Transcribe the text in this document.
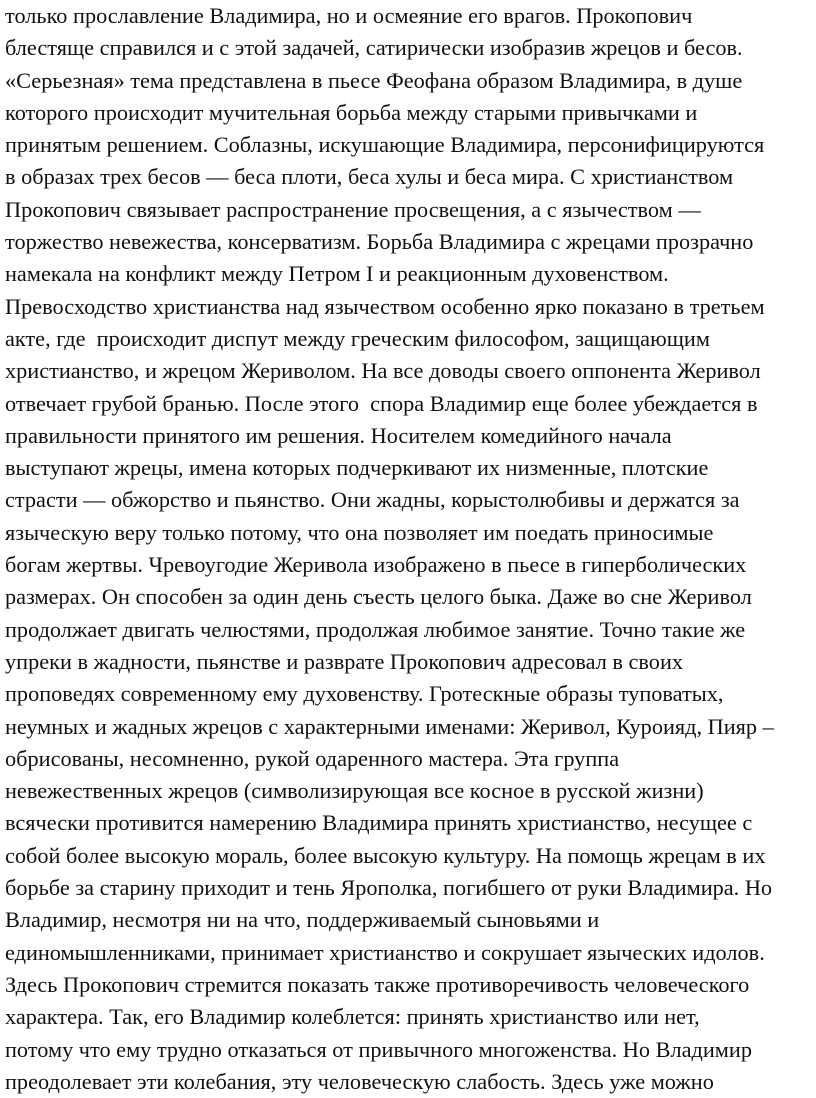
только прославление Владимира, но и осмеяние его врагов. Прокопович
блестяще справился и с этой задачей, сатирически изобразив жрецов и бесов.
«Серьезная» тема представлена в пьесе Феофана образом Владимира, в душе
которого происходит мучительная борьба между старыми привычками и
принятым решением. Соблазны, искушающие Владимира, персонифицируются
в образах трех бесов — беса плоти, беса хулы и беса мира. С христианством
Прокопович связывает распространение просвещения, а с язычеством —
торжество невежества, консерватизм. Борьба Владимира с жрецами прозрачно
намекала на конфликт между Петром I и реакционным духовенством.
Превосходство христианства над язычеством особенно ярко показано в третьем
акте, где  происходит диспут между греческим философом, защищающим
христианство, и жрецом Жериволом. На все доводы своего оппонента Жеривол
отвечает грубой бранью. После этого  спора Владимир еще более убеждается в
правильности принятого им решения. Носителем комедийного начала
выступают жрецы, имена которых подчеркивают их низменные, плотские
страсти — обжорство и пьянство. Они жадны, корыстолюбивы и держатся за
языческую веру только потому, что она позволяет им поедать приносимые
богам жертвы. Чревоугодие Жеривола изображено в пьесе в гиперболических
размерах. Он способен за один день съесть целого быка. Даже во сне Жеривол
продолжает двигать челюстями, продолжая любимое занятие. Точно такие же
упреки в жадности, пьянстве и разврате Прокопович адресовал в своих
проповедях современному ему духовенству. Гротескные образы туповатых,
неумных и жадных жрецов с характерными именами: Жеривол, Куроияд, Пияр –
обрисованы, несомненно, рукой одаренного мастера. Эта группа
невежественных жрецов (символизирующая все косное в русской жизни)
всячески противится намерению Владимира принять христианство, несущее с
собой более высокую мораль, более высокую культуру. На помощь жрецам в их
борьбе за старину приходит и тень Ярополка, погибшего от руки Владимира. Но
Владимир, несмотря ни на что, поддерживаемый сыновьями и
единомышленниками, принимает христианство и сокрушает языческих идолов.
Здесь Прокопович стремится показать также противоречивость человеческого
характера. Так, его Владимир колеблется: принять христианство или нет,
потому что ему трудно отказаться от привычного многоженства. Но Владимир
преодолевает эти колебания, эту человеческую слабость. Здесь уже можно
